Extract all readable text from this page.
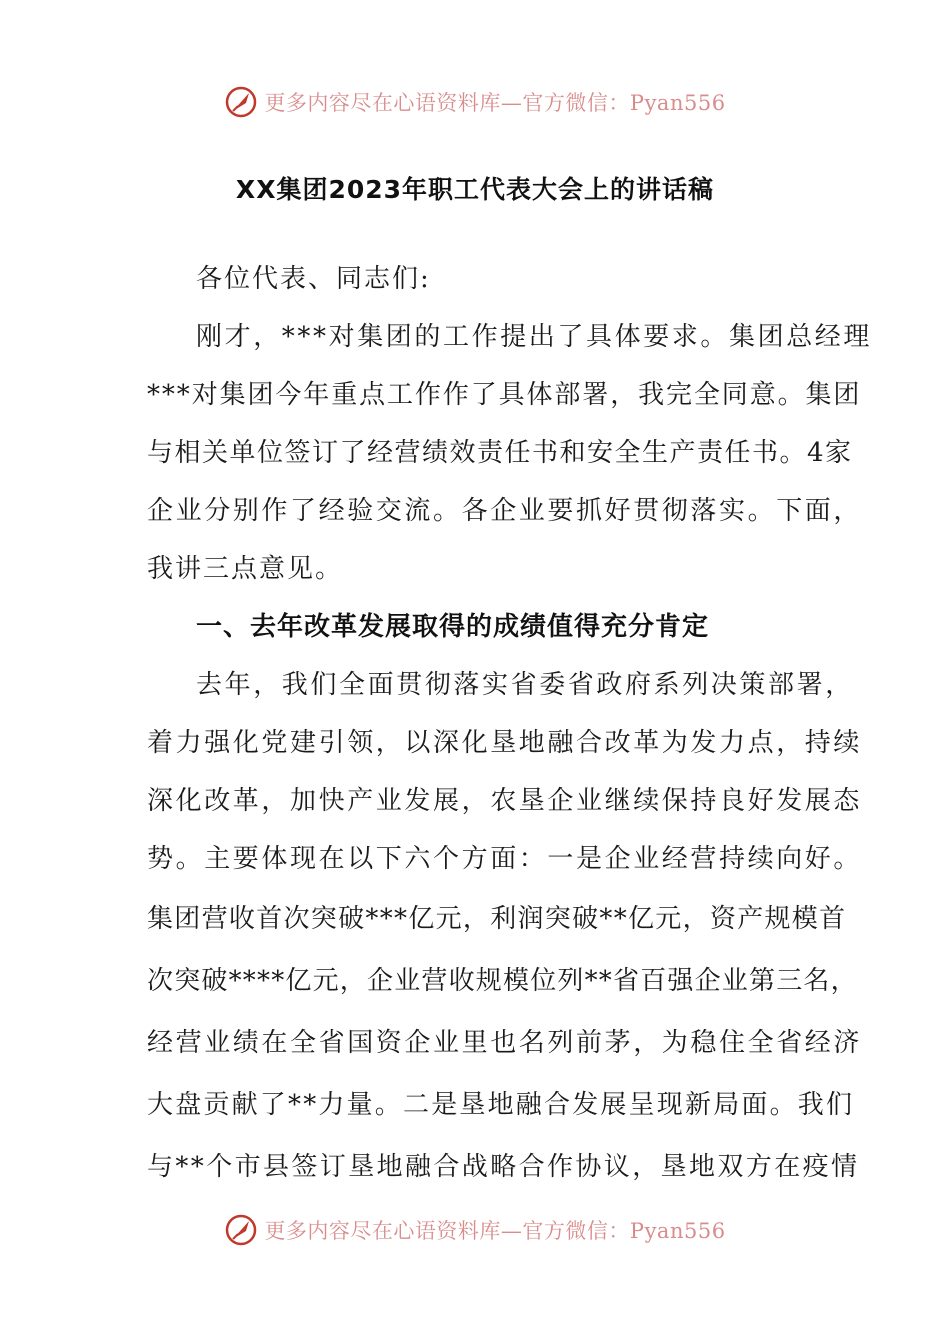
更多内容尽在心语资料库—官方微信：Pyan556
XX集团2023年职工代表大会上的讲话稿
各位代表、同志们:
刚才，***对集团的工作提出了具体要求。集团总经理
***对集团今年重点工作作了具体部署，我完全同意。集团
与相关单位签订了经营绩效责任书和安全生产责任书。4家
企业分别作了经验交流。各企业要抓好贯彻落实。下面，
我讲三点意见。
一、去年改革发展取得的成绩值得充分肯定
去年，我们全面贯彻落实省委省政府系列决策部署，
着力强化党建引领，以深化垦地融合改革为发力点，持续
深化改革，加快产业发展，农垦企业继续保持良好发展态
势。主要体现在以下六个方面：一是企业经营持续向好。
集团营收首次突破***亿元，利润突破**亿元，资产规模首
次突破****亿元，企业营收规模位列**省百强企业第三名，
经营业绩在全省国资企业里也名列前茅，为稳住全省经济
大盘贡献了**力量。二是垦地融合发展呈现新局面。我们
与**个市县签订垦地融合战略合作协议，垦地双方在疫情
更多内容尽在心语资料库—官方微信：Pyan556
